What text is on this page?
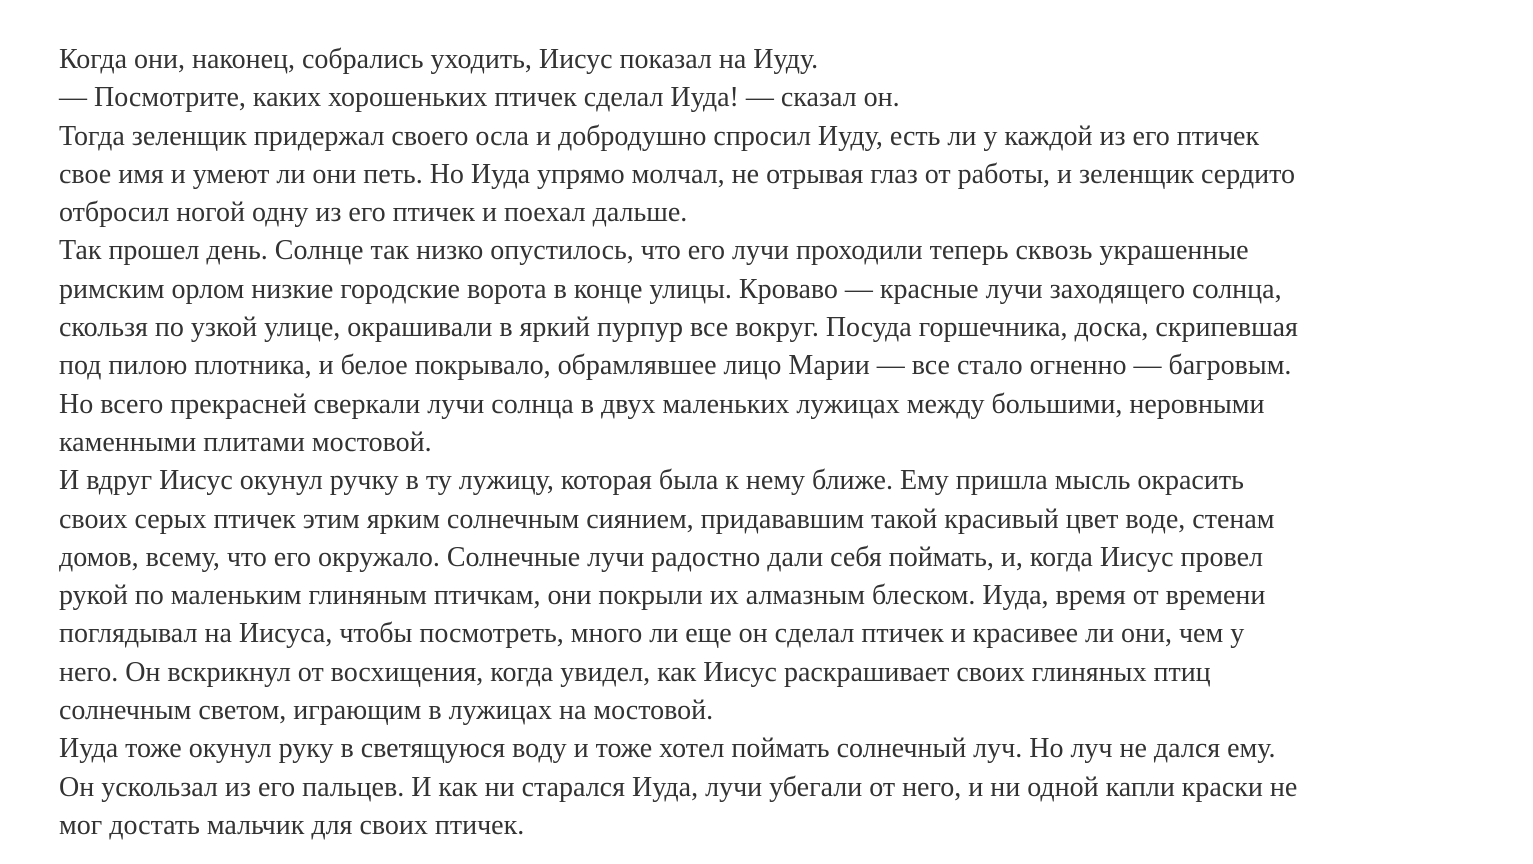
Когда они, наконец, собрались уходить, Иисус показал на Иуду.

— Посмотрите, каких хорошеньких птичек сделал Иуда! — сказал он.

Тогда зеленщик придержал своего осла и добродушно спросил Иуду, есть ли у каждой из его птичек
свое имя и умеют ли они петь. Но Иуда упрямо молчал, не отрывая глаз от работы, и зеленщик сердито
отбросил ногой одну из его птичек и поехал дальше.

Так прошел день. Солнце так низко опустилось, что его лучи проходили теперь сквозь украшенные
римским орлом низкие городские ворота в конце улицы. Кроваво — красные лучи заходящего солнца,
скользя по узкой улице, окрашивали в яркий пурпур все вокруг. Посуда горшечника, доска, скрипевшая
под пилою плотника, и белое покрывало, обрамлявшее лицо Марии — все стало огненно — багровым.
Но всего прекрасней сверкали лучи солнца в двух маленьких лужицах между большими, неровными
каменными плитами мостовой.

И вдруг Иисус окунул ручку в ту лужицу, которая была к нему ближе. Ему пришла мысль окрасить
своих серых птичек этим ярким солнечным сиянием, придававшим такой красивый цвет воде, стенам
домов, всему, что его окружало. Солнечные лучи радостно дали себя поймать, и, когда Иисус провел
рукой по маленьким глиняным птичкам, они покрыли их алмазным блеском. Иуда, время от времени
поглядывал на Иисуса, чтобы посмотреть, много ли еще он сделал птичек и красивее ли они, чем у
него. Он вскрикнул от восхищения, когда увидел, как Иисус раскрашивает своих глиняных птиц
солнечным светом, играющим в лужицах на мостовой.

Иуда тоже окунул руку в светящуюся воду и тоже хотел поймать солнечный луч. Но луч не дался ему.
Он ускользал из его пальцев. И как ни старался Иуда, лучи убегали от него, и ни одной капли краски не
мог достать мальчик для своих птичек.
